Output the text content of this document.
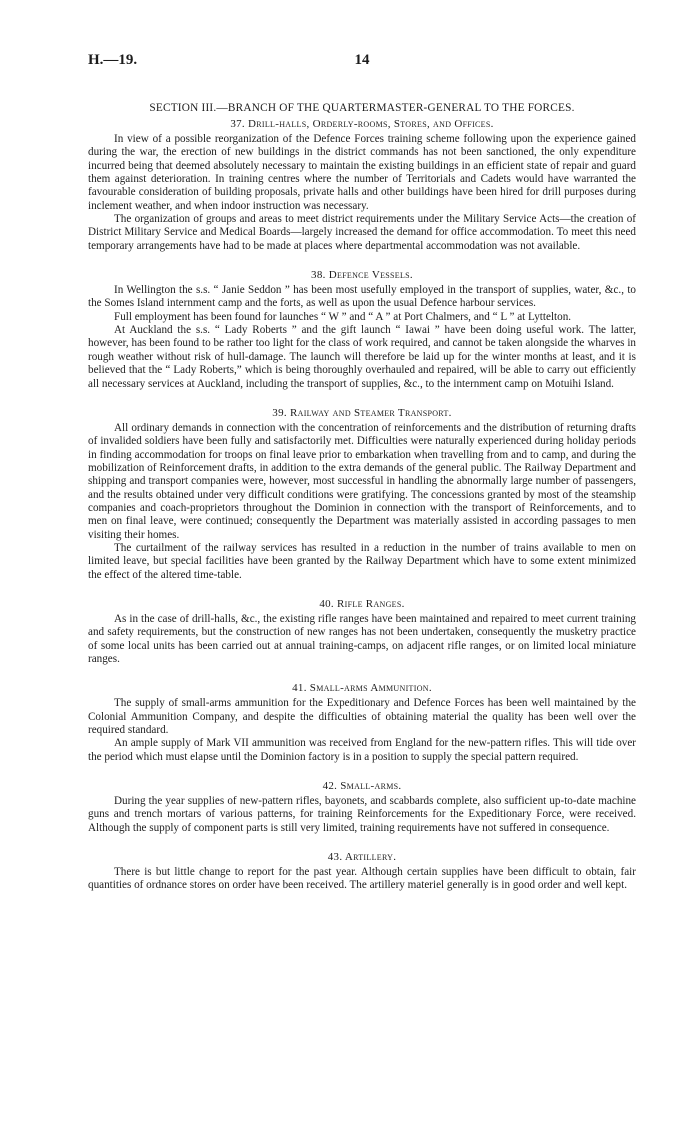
H.—19.	14
SECTION III.—BRANCH OF THE QUARTERMASTER-GENERAL TO THE FORCES.
37. Drill-halls, Orderly-rooms, Stores, and Offices.

In view of a possible reorganization of the Defence Forces training scheme following upon the experience gained during the war, the erection of new buildings in the district commands has not been sanctioned, the only expenditure incurred being that deemed absolutely necessary to maintain the existing buildings in an efficient state of repair and guard them against deterioration. In training centres where the number of Territorials and Cadets would have warranted the favourable consideration of building proposals, private halls and other buildings have been hired for drill purposes during inclement weather, and when indoor instruction was necessary.

The organization of groups and areas to meet district requirements under the Military Service Acts—the creation of District Military Service and Medical Boards—largely increased the demand for office accommodation. To meet this need temporary arrangements have had to be made at places where departmental accommodation was not available.

38. Defence Vessels.

In Wellington the s.s. “ Janie Seddon ” has been most usefully employed in the transport of supplies, water, &c., to the Somes Island internment camp and the forts, as well as upon the usual Defence harbour services.

Full employment has been found for launches “ W ” and “ A ” at Port Chalmers, and “ L ” at Lyttelton.

At Auckland the s.s. “ Lady Roberts ” and the gift launch “ Iawai ” have been doing useful work. The latter, however, has been found to be rather too light for the class of work required, and cannot be taken alongside the wharves in rough weather without risk of hull-damage. The launch will therefore be laid up for the winter months at least, and it is believed that the “ Lady Roberts,” which is being thoroughly overhauled and repaired, will be able to carry out efficiently all necessary services at Auckland, including the transport of supplies, &c., to the internment camp on Motuihi Island.

39. Railway and Steamer Transport.

All ordinary demands in connection with the concentration of reinforcements and the distribution of returning drafts of invalided soldiers have been fully and satisfactorily met. Difficulties were naturally experienced during holiday periods in finding accommodation for troops on final leave prior to embarkation when travelling from and to camp, and during the mobilization of Reinforcement drafts, in addition to the extra demands of the general public. The Railway Department and shipping and transport companies were, however, most successful in handling the abnormally large number of passengers, and the results obtained under very difficult conditions were gratifying. The concessions granted by most of the steamship companies and coach-proprietors throughout the Dominion in connection with the transport of Reinforcements, and to men on final leave, were continued; consequently the Department was materially assisted in according passages to men visiting their homes.

The curtailment of the railway services has resulted in a reduction in the number of trains available to men on limited leave, but special facilities have been granted by the Railway Department which have to some extent minimized the effect of the altered time-table.

40. Rifle Ranges.

As in the case of drill-halls, &c., the existing rifle ranges have been maintained and repaired to meet current training and safety requirements, but the construction of new ranges has not been undertaken, consequently the musketry practice of some local units has been carried out at annual training-camps, on adjacent rifle ranges, or on limited local miniature ranges.

41. Small-arms Ammunition.

The supply of small-arms ammunition for the Expeditionary and Defence Forces has been well maintained by the Colonial Ammunition Company, and despite the difficulties of obtaining material the quality has been well over the required standard.

An ample supply of Mark VII ammunition was received from England for the new-pattern rifles. This will tide over the period which must elapse until the Dominion factory is in a position to supply the special pattern required.

42. Small-arms.

During the year supplies of new-pattern rifles, bayonets, and scabbards complete, also sufficient up-to-date machine guns and trench mortars of various patterns, for training Reinforcements for the Expeditionary Force, were received. Although the supply of component parts is still very limited, training requirements have not suffered in consequence.

43. Artillery.

There is but little change to report for the past year. Although certain supplies have been difficult to obtain, fair quantities of ordnance stores on order have been received. The artillery materiel generally is in good order and well kept.
